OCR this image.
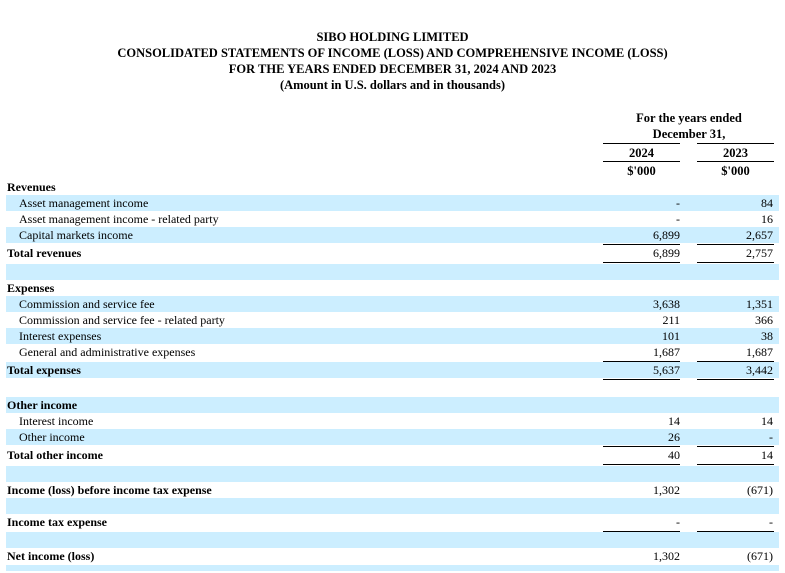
SIBO HOLDING LIMITED
CONSOLIDATED STATEMENTS OF INCOME (LOSS) AND COMPREHENSIVE INCOME (LOSS)
FOR THE YEARS ENDED DECEMBER 31, 2024 AND 2023
(Amount in U.S. dollars and in thousands)
For the years ended
December 31,
2024	2023
$'000	$'000
Revenues
Asset management income	-	84
Asset management income - related party	-	16
Capital markets income	6,899	2,657
Total revenues	6,899	2,757
Expenses
Commission and service fee	3,638	1,351
Commission and service fee - related party	211	366
Interest expenses	101	38
General and administrative expenses	1,687	1,687
Total expenses	5,637	3,442
Other income
Interest income	14	14
Other income	26	-
Total other income	40	14
Income (loss) before income tax expense	1,302	(671)
Income tax expense	-	-
Net income (loss)	1,302	(671)
